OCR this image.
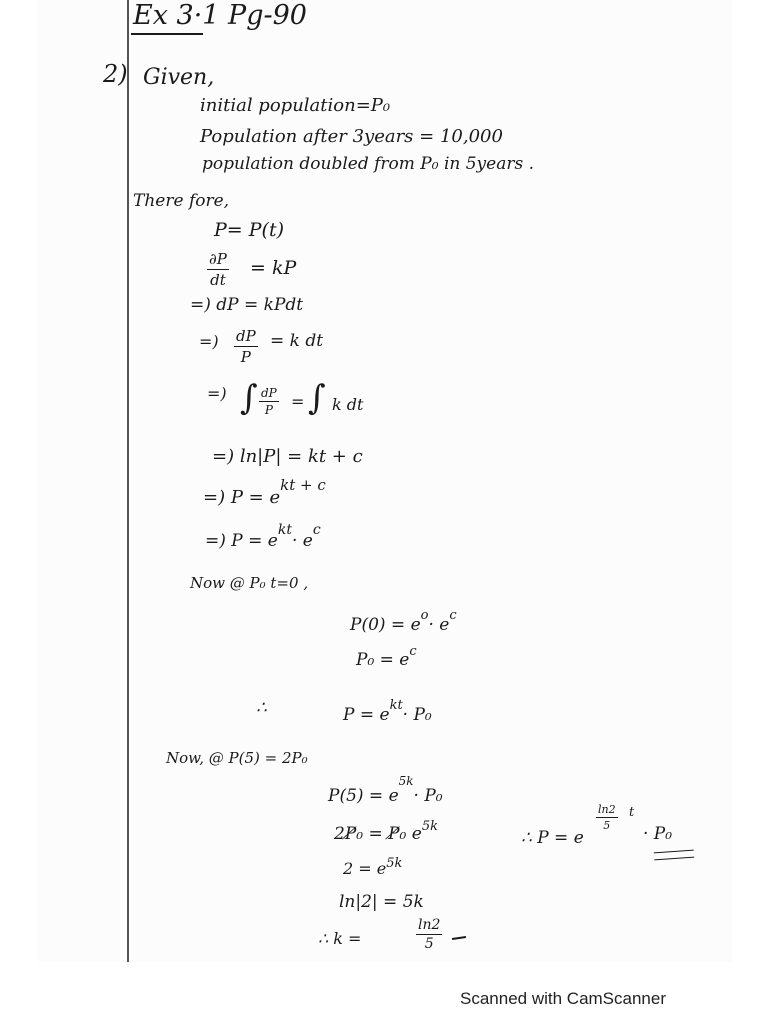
Ex 3·1 Pg-90
2) Given,
initial population=P₀
Population after 3years = 10,000
population doubled from P₀ in 5years .
There fore,
P= P(t)
$\frac{\partial P}{dt}$ = kP
=) dP = kPdt
=) $\frac{dP}{P} = k$ dt
=) ∫ $\frac{dP}{P}$ = ∫ k dt
=) ln|P| = kt + c
=) $P = e^{kt + c}$
=) $P = e^{kt}\cdot e^c$
Now @ P₀ t=0 ,
$P(0) = e^o\cdot e^c$
$P_0 = e^c$
∴	$P = e^{kt}\cdot P_0$
Now, @ P(5) = 2P₀
$P(5) = e^{5k}\cdot P_0$
2P̸₀ = P̸₀ $e^{5k}$
$2 = e^{5k}$
ln|2| = 5k
∴ k =	$\frac{\ln 2}{5}$
∴ P = e
$\frac{\ln 2}{5}$ t
· P₀
Scanned with CamScanner
